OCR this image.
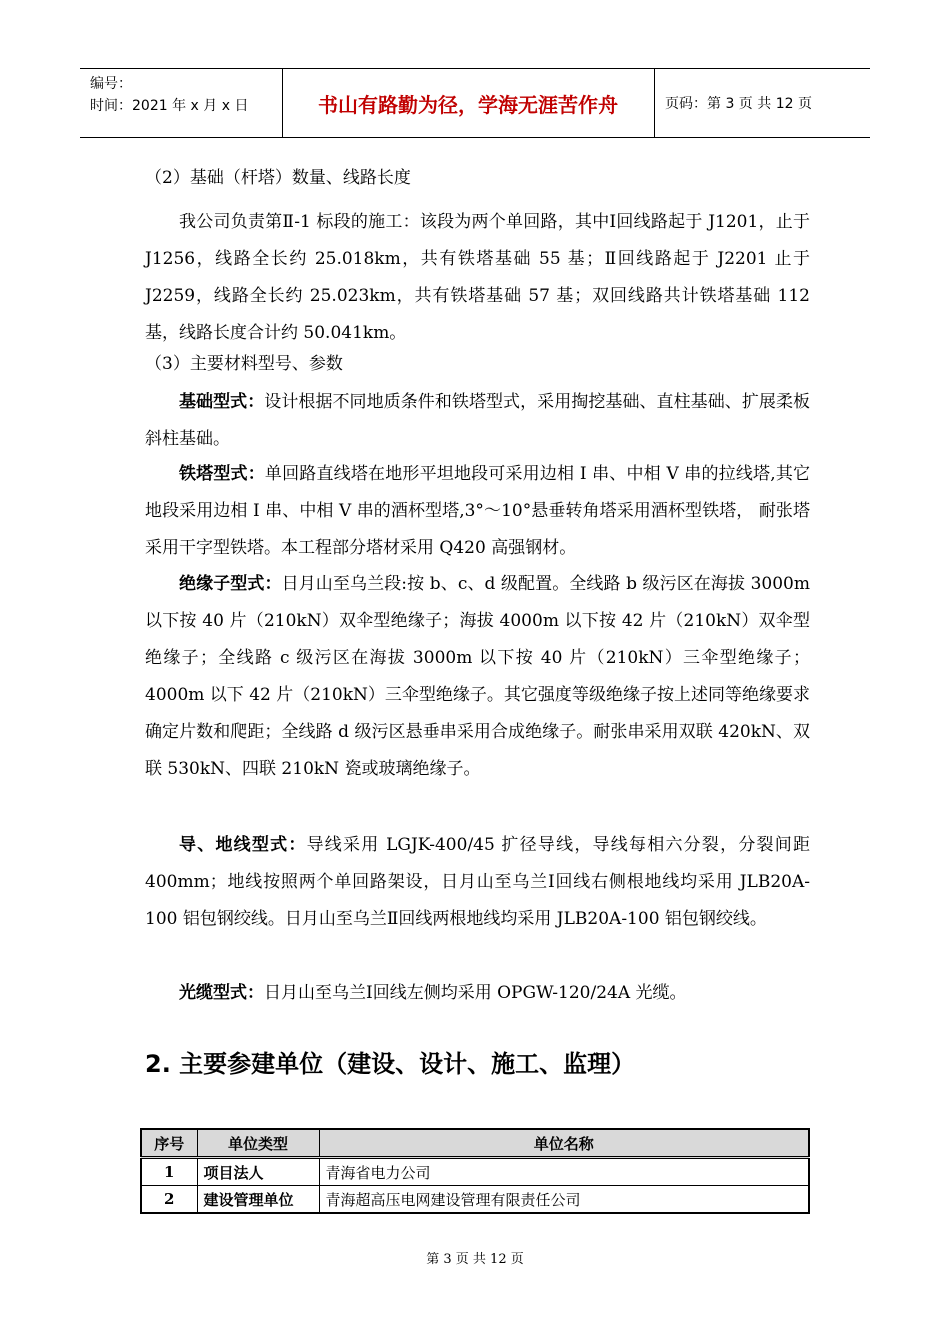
编号：
时间：2021 年 x 月 x 日	书山有路勤为径，学海无涯苦作舟	页码：第 3 页 共 12 页

（2）基础（杆塔）数量、线路长度

我公司负责第Ⅱ-1 标段的施工：该段为两个单回路，其中Ⅰ回线路起于 J1201，止于 J1256，线路全长约 25.018km，共有铁塔基础 55 基；Ⅱ回线路起于 J2201 止于 J2259，线路全长约 25.023km，共有铁塔基础 57 基；双回线路共计铁塔基础 112 基，线路长度合计约 50.041km。

（3）主要材料型号、参数

基础型式：设计根据不同地质条件和铁塔型式，采用掏挖基础、直柱基础、扩展柔板斜柱基础。

铁塔型式：单回路直线塔在地形平坦地段可采用边相 I 串、中相 V 串的拉线塔,其它地段采用边相 I 串、中相 V 串的酒杯型塔,3°～10°悬垂转角塔采用酒杯型铁塔， 耐张塔采用干字型铁塔。本工程部分塔材采用 Q420 高强钢材。

绝缘子型式：日月山至乌兰段:按 b、c、d 级配置。全线路 b 级污区在海拔 3000m 以下按 40 片（210kN）双伞型绝缘子；海拔 4000m 以下按 42 片（210kN）双伞型绝缘子；全线路 c 级污区在海拔 3000m 以下按 40 片（210kN）三伞型绝缘子；4000m 以下 42 片（210kN）三伞型绝缘子。其它强度等级绝缘子按上述同等绝缘要求确定片数和爬距；全线路 d 级污区悬垂串采用合成绝缘子。耐张串采用双联 420kN、双联 530kN、四联 210kN 瓷或玻璃绝缘子。

导、地线型式：导线采用 LGJK-400/45 扩径导线，导线每相六分裂，分裂间距 400mm；地线按照两个单回路架设，日月山至乌兰Ⅰ回线右侧根地线均采用 JLB20A-100 铝包钢绞线。日月山至乌兰Ⅱ回线两根地线均采用 JLB20A-100 铝包钢绞线。

光缆型式：日月山至乌兰Ⅰ回线左侧均采用 OPGW-120/24A 光缆。

2. 主要参建单位（建设、设计、施工、监理）
序号	单位类型	单位名称
1	项目法人	青海省电力公司
2	建设管理单位	青海超高压电网建设管理有限责任公司
第 3 页 共 12 页
